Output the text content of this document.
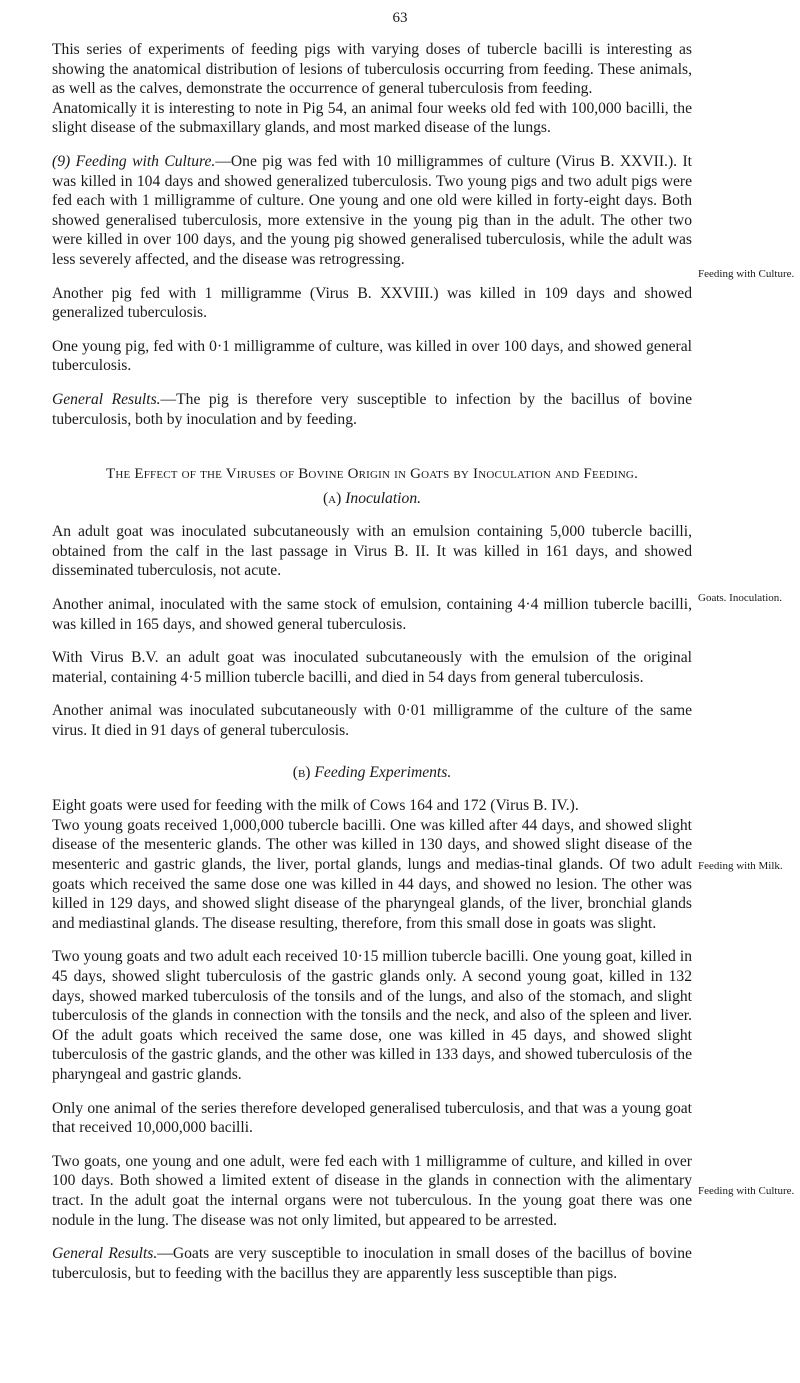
63

This series of experiments of feeding pigs with varying doses of tubercle bacilli is interesting as showing the anatomical distribution of lesions of tuberculosis occurring from feeding. These animals, as well as the calves, demonstrate the occurrence of general tuberculosis from feeding.

Anatomically it is interesting to note in Pig 54, an animal four weeks old fed with 100,000 bacilli, the slight disease of the submaxillary glands, and most marked disease of the lungs.

(9) Feeding with Culture.—One pig was fed with 10 milligrammes of culture (Virus B. XXVII.). It was killed in 104 days and showed generalized tuberculosis. Two young pigs and two adult pigs were fed each with 1 milligramme of culture. One young and one old were killed in forty-eight days. Both showed generalised tuberculosis, more extensive in the young pig than in the adult. The other two were killed in over 100 days, and the young pig showed generalised tuberculosis, while the adult was less severely affected, and the disease was retrogressing.

Another pig fed with 1 milligramme (Virus B. XXVIII.) was killed in 109 days and showed generalized tuberculosis.

One young pig, fed with 0·1 milligramme of culture, was killed in over 100 days, and showed general tuberculosis.

General Results.—The pig is therefore very susceptible to infection by the bacillus of bovine tuberculosis, both by inoculation and by feeding.

The Effect of the Viruses of Bovine Origin in Goats by Inoculation and Feeding.

(a) Inoculation.

An adult goat was inoculated subcutaneously with an emulsion containing 5,000 tubercle bacilli, obtained from the calf in the last passage in Virus B. II. It was killed in 161 days, and showed disseminated tuberculosis, not acute.

Another animal, inoculated with the same stock of emulsion, containing 4·4 million tubercle bacilli, was killed in 165 days, and showed general tuberculosis.

With Virus B.V. an adult goat was inoculated subcutaneously with the emulsion of the original material, containing 4·5 million tubercle bacilli, and died in 54 days from general tuberculosis.

Another animal was inoculated subcutaneously with 0·01 milligramme of the culture of the same virus. It died in 91 days of general tuberculosis.

(b) Feeding Experiments.

Eight goats were used for feeding with the milk of Cows 164 and 172 (Virus B. IV.).

Two young goats received 1,000,000 tubercle bacilli. One was killed after 44 days, and showed slight disease of the mesenteric glands. The other was killed in 130 days, and showed slight disease of the mesenteric and gastric glands, the liver, portal glands, lungs and medias-tinal glands. Of two adult goats which received the same dose one was killed in 44 days, and showed no lesion. The other was killed in 129 days, and showed slight disease of the pharyngeal glands, of the liver, bronchial glands and mediastinal glands. The disease resulting, therefore, from this small dose in goats was slight.

Two young goats and two adult each received 10·15 million tubercle bacilli. One young goat, killed in 45 days, showed slight tuberculosis of the gastric glands only. A second young goat, killed in 132 days, showed marked tuberculosis of the tonsils and of the lungs, and also of the stomach, and slight tuberculosis of the glands in connection with the tonsils and the neck, and also of the spleen and liver. Of the adult goats which received the same dose, one was killed in 45 days, and showed slight tuberculosis of the gastric glands, and the other was killed in 133 days, and showed tuberculosis of the pharyngeal and gastric glands.

Only one animal of the series therefore developed generalised tuberculosis, and that was a young goat that received 10,000,000 bacilli.

Two goats, one young and one adult, were fed each with 1 milligramme of culture, and killed in over 100 days. Both showed a limited extent of disease in the glands in connection with the alimentary tract. In the adult goat the internal organs were not tuberculous. In the young goat there was one nodule in the lung. The disease was not only limited, but appeared to be arrested.

General Results.—Goats are very susceptible to inoculation in small doses of the bacillus of bovine tuberculosis, but to feeding with the bacillus they are apparently less susceptible than pigs.

Feeding with Culture.
Goats. Inoculation.
Feeding with Milk.
Feeding with Culture.
